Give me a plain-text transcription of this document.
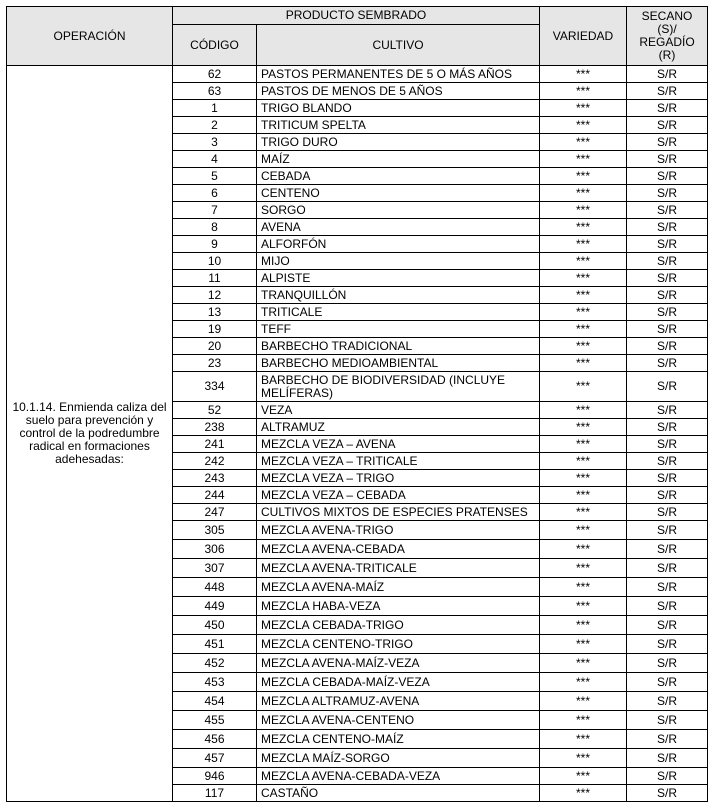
OPERACIÓN	PRODUCTO SEMBRADO		VARIEDAD	SECANO
(S)/
REGADÍO
(R)

	CÓDIGO	CULTIVO		
10.1.14. Enmienda caliza del suelo para prevención y control de la podredumbre radical en formaciones adehesadas:	62	PASTOS PERMANENTES DE 5 O MÁS AÑOS	***	S/R
	63	PASTOS DE MENOS DE 5 AÑOS	***	S/R
	1	TRIGO BLANDO	***	S/R
	2	TRITICUM SPELTA	***	S/R
	3	TRIGO DURO	***	S/R
	4	MAÍZ	***	S/R
	5	CEBADA	***	S/R
	6	CENTENO	***	S/R
	7	SORGO	***	S/R
	8	AVENA	***	S/R
	9	ALFORFÓN	***	S/R
	10	MIJO	***	S/R
	11	ALPISTE	***	S/R
	12	TRANQUILLÓN	***	S/R
	13	TRITICALE	***	S/R
	19	TEFF	***	S/R
	20	BARBECHO TRADICIONAL	***	S/R
	23	BARBECHO MEDIOAMBIENTAL	***	S/R
	334	BARBECHO DE BIODIVERSIDAD (INCLUYE MELÍFERAS)	***	S/R
	52	VEZA	***	S/R
	238	ALTRAMUZ	***	S/R
	241	MEZCLA VEZA – AVENA	***	S/R
	242	MEZCLA VEZA – TRITICALE	***	S/R
	243	MEZCLA VEZA – TRIGO	***	S/R
	244	MEZCLA VEZA – CEBADA	***	S/R
	247	CULTIVOS MIXTOS DE ESPECIES PRATENSES	***	S/R
	305	MEZCLA AVENA-TRIGO	***	S/R
	306	MEZCLA AVENA-CEBADA	***	S/R
	307	MEZCLA AVENA-TRITICALE	***	S/R
	448	MEZCLA AVENA-MAÍZ	***	S/R
	449	MEZCLA HABA-VEZA	***	S/R
	450	MEZCLA CEBADA-TRIGO	***	S/R
	451	MEZCLA CENTENO-TRIGO	***	S/R
	452	MEZCLA AVENA-MAÍZ-VEZA	***	S/R
	453	MEZCLA CEBADA-MAÍZ-VEZA	***	S/R
	454	MEZCLA ALTRAMUZ-AVENA	***	S/R
	455	MEZCLA AVENA-CENTENO	***	S/R
	456	MEZCLA CENTENO-MAÍZ	***	S/R
	457	MEZCLA MAÍZ-SORGO	***	S/R
	946	MEZCLA AVENA-CEBADA-VEZA	***	S/R
	117	CASTAÑO	***	S/R
